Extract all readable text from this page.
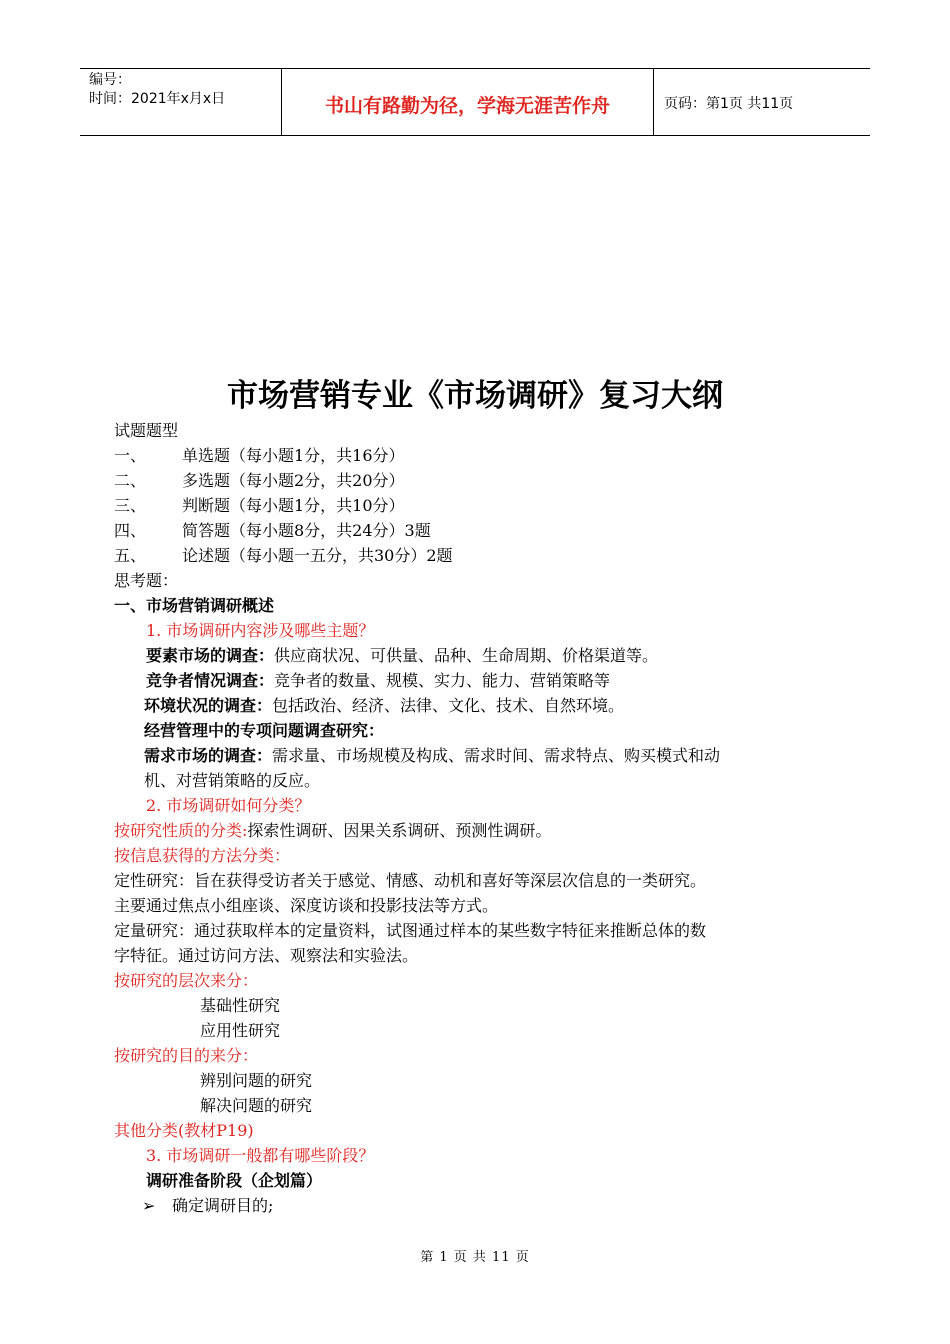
编号：
时间：2021年x月x日	书山有路勤为径，学海无涯苦作舟	页码：第1页 共11页
市场营销专业《市场调研》复习大纲
试题题型
一、 单选题（每小题1分，共16分）
二、 多选题（每小题2分，共20分）
三、 判断题（每小题1分，共10分）
四、 简答题（每小题8分，共24分）3题
五、 论述题（每小题一五分，共30分）2题
思考题：
一、市场营销调研概述
1. 市场调研内容涉及哪些主题？
要素市场的调查：供应商状况、可供量、品种、生命周期、价格渠道等。
竞争者情况调查：竞争者的数量、规模、实力、能力、营销策略等
环境状况的调查：包括政治、经济、法律、文化、技术、自然环境。
经营管理中的专项问题调查研究：
需求市场的调查：需求量、市场规模及构成、需求时间、需求特点、购买模式和动
机、对营销策略的反应。
2. 市场调研如何分类？
按研究性质的分类:探索性调研、因果关系调研、预测性调研。
按信息获得的方法分类：
定性研究：旨在获得受访者关于感觉、情感、动机和喜好等深层次信息的一类研究。
主要通过焦点小组座谈、深度访谈和投影技法等方式。
定量研究：通过获取样本的定量资料，试图通过样本的某些数字特征来推断总体的数
字特征。通过访问方法、观察法和实验法。
按研究的层次来分：
基础性研究
应用性研究
按研究的目的来分：
辨别问题的研究
解决问题的研究
其他分类(教材P19)
3. 市场调研一般都有哪些阶段？
调研准备阶段（企划篇）
➢ 确定调研目的;
第 1 页 共 11 页
